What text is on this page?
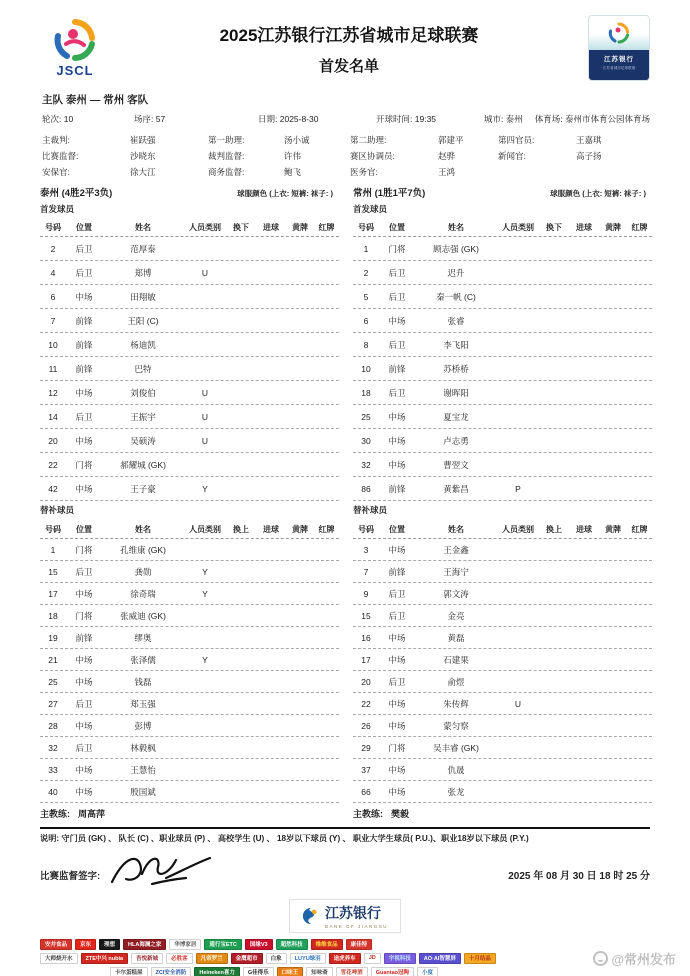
JSCL
2025江苏银行江苏省城市足球联赛
首发名单	江苏银行
· 江苏省城市足球联赛 ·
主队 泰州 — 常州 客队
轮次: 10	场序: 57	日期: 2025-8-30	开球时间: 19:35	城市: 泰州	体育场: 泰州市体育公园体育场
主裁判:	崔跃强	第一助理:	汤小诚	第二助理:	郭建平	第四官员:	王嘉琪
比赛监督:	沙晓东	裁判监督:	许伟	赛区协调员:	赵骅	新闻官:	高子扬
安保官:	徐大江	商务监督:	鲍飞	医务官:	王鸿
泰州 (4胜2平3负)	球服颜色 (上衣: 短裤: 袜子: )
首发球员
号码	位置	姓名	人员类别	换下	进球	黄牌	红牌
2	后卫	范厚泰
4	后卫	郑博	U
6	中场	田翔敏
7	前锋	王阳 (C)
10	前锋	杨迪凯
11	前锋	巴特
12	中场	刘俊伯	U
14	后卫	王振宇	U
20	中场	吴硕涛	U
22	门将	郝耀城 (GK)
42	中场	王子豪	Y
替补球员
号码	位置	姓名	人员类别	换上	进球	黄牌	红牌
1	门将	孔维康 (GK)
15	后卫	龚勋	Y
17	中场	徐奇瑞	Y
18	门将	张威迪 (GK)
19	前锋	缪奥
21	中场	张泽儒	Y
25	中场	钱磊
27	后卫	郑玉强
28	中场	彭博
32	后卫	林毅枫
33	中场	王慧怡
40	中场	殷国斌
主教练: 周高萍
常州 (1胜1平7负)	球服颜色 (上衣: 短裤: 袜子: )
首发球员
号码	位置	姓名	人员类别	换下	进球	黄牌	红牌
1	门将	顾志强 (GK)
2	后卫	迟升
5	后卫	秦一帆 (C)
6	中场	张睿
8	后卫	李飞阳
10	前锋	苏桥桥
18	后卫	谢晖阳
25	中场	夏宝龙
30	中场	卢志勇
32	中场	曹翌文
86	前锋	黄紫昌	P
替补球员
号码	位置	姓名	人员类别	换上	进球	黄牌	红牌
3	中场	王金鑫
7	前锋	王海宁
9	后卫	郭文涛
15	后卫	金亮
16	中场	黄磊
17	中场	石建果
20	后卫	俞煜
22	中场	朱传辉	U
26	中场	蒙匀察
29	门将	吴丰睿 (GK)
37	中场	仇晟
66	中场	张龙
主教练: 樊毅
说明: 守门员 (GK) 、 队长 (C) 、职业球员 (P) 、 高校学生 (U) 、 18岁以下球员 (Y) 、 职业大学生球员( P.U.)、职业18岁以下球员 (P.Y.)
比赛监督签字:	2025 年 08 月 30 日 18 时 25 分
江苏银行
BANK OF JIANGSU
安井食品	京东	理想	HLA海澜之家	华博家居	通行宝ETC	国缘V3	超然科技	维维食品	康佳特
大师烧开水	ZTE中兴 nubia	吾悦新城	必胜客	凡帝罗兰	金鹰超市	白象	LUYU绿羽	途虎养车	JD	宇视科技	AO·AI智慧屏	十月结晶
卡尔蛋糕屋	ZCI安全消防	Heineken喜力	G佳得乐	口味王	知味斋	雪花啤酒	Guantao冠陶	小度
@常州发布
